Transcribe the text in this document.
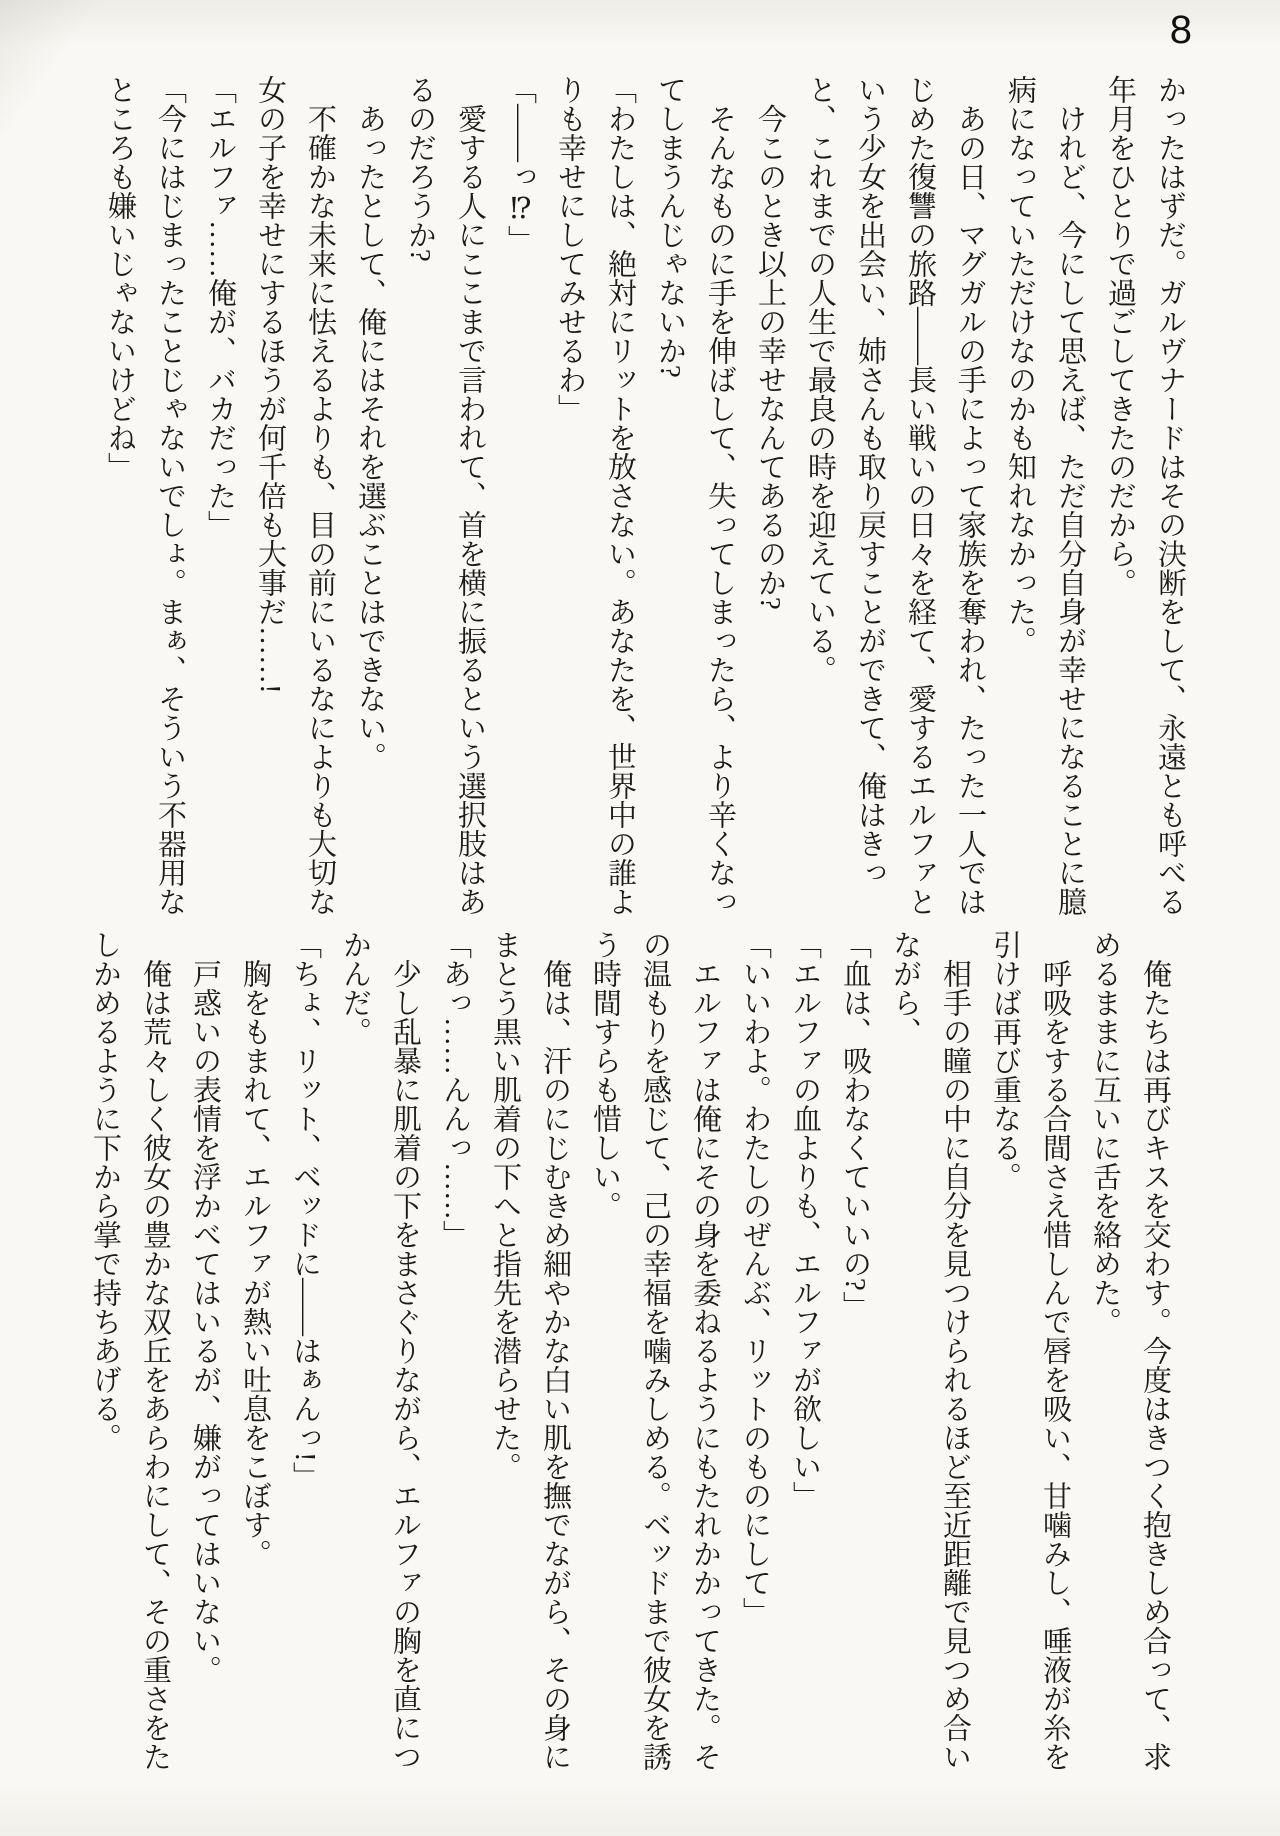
8

かったはずだ。ガルヴナードはその決断をして、永遠とも呼べる年月をひとりで過ごしてきたのだから。

けれど、今にして思えば、ただ自分自身が幸せになることに臆病になっていただけなのかも知れなかった。

あの日、マグガルの手によって家族を奪われ、たった一人ではじめた復讐の旅路——長い戦いの日々を経て、愛するエルファという少女を出会い、姉さんも取り戻すことができて、俺はきっと、これまでの人生で最良の時を迎えている。

今このとき以上の幸せなんてあるのか?

そんなものに手を伸ばして、失ってしまったら、より辛くなってしまうんじゃないか?

「わたしは、絶対にリットを放さない。あなたを、世界中の誰よりも幸せにしてみせるわ」

「——っ⁉」

愛する人にここまで言われて、首を横に振るという選択肢はあるのだろうか?

あったとして、俺にはそれを選ぶことはできない。

不確かな未来に怯えるよりも、目の前にいるなによりも大切な女の子を幸せにするほうが何千倍も大事だ……!

「エルファ……俺が、バカだった」

「今にはじまったことじゃないでしょ。まぁ、そういう不器用なところも嫌いじゃないけどね」

俺たちは再びキスを交わす。今度はきつく抱きしめ合って、求めるままに互いに舌を絡めた。

呼吸をする合間さえ惜しんで唇を吸い、甘噛みし、唾液が糸を引けば再び重なる。

相手の瞳の中に自分を見つけられるほど至近距離で見つめ合いながら、

「血は、吸わなくていいの?」

「エルファの血よりも、エルファが欲しい」

「いいわよ。わたしのぜんぶ、リットのものにして」

エルファは俺にその身を委ねるようにもたれかかってきた。その温もりを感じて、己の幸福を噛みしめる。ベッドまで彼女を誘う時間すらも惜しい。

俺は、汗のにじむきめ細やかな白い肌を撫でながら、その身にまとう黒い肌着の下へと指先を潜らせた。

「あっ……んんっ……」

少し乱暴に肌着の下をまさぐりながら、エルファの胸を直につかんだ。

「ちょ、リット、ベッドに——はぁんっ!」

胸をもまれて、エルファが熱い吐息をこぼす。

戸惑いの表情を浮かべてはいるが、嫌がってはいない。

俺は荒々しく彼女の豊かな双丘をあらわにして、その重さをたしかめるように下から掌で持ちあげる。
